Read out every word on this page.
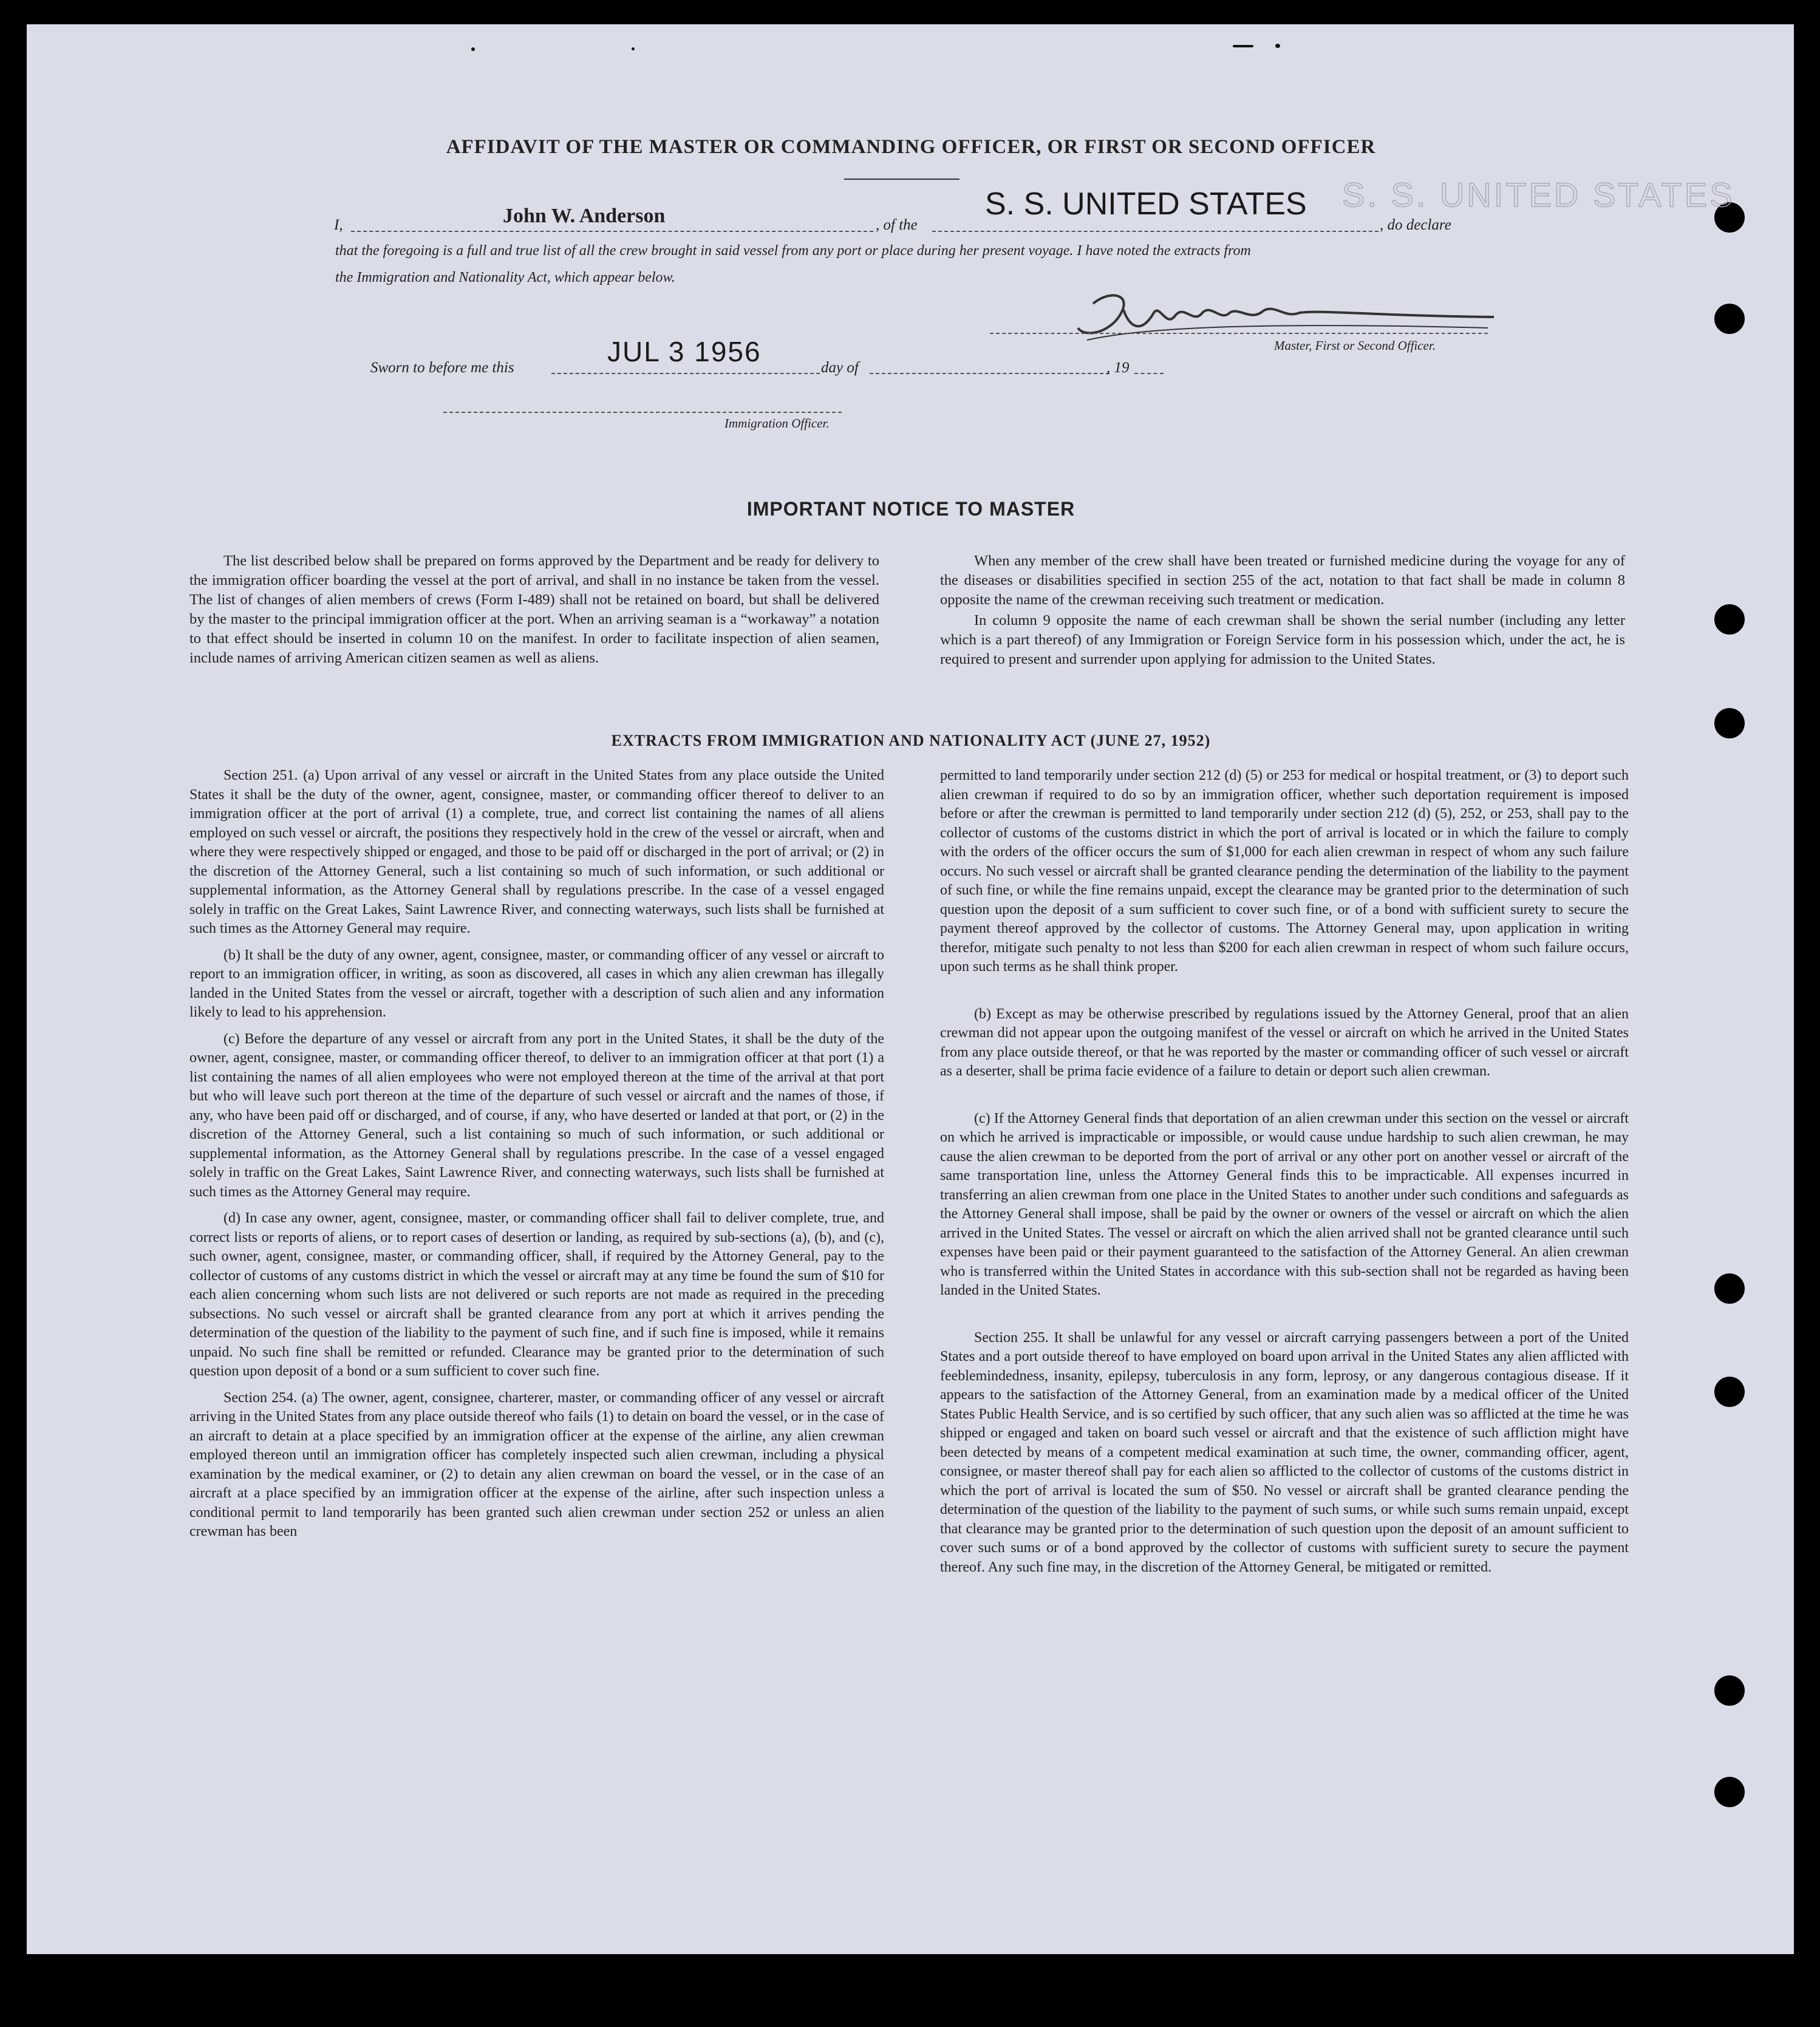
AFFIDAVIT OF THE MASTER OR COMMANDING OFFICER, OR FIRST OR SECOND OFFICER
S. S. UNITED STATES
I,	John W. Anderson	, of the
S. S. UNITED STATES
, do declare
that the foregoing is a full and true list of all the crew brought in said vessel from any port or place during her present voyage. I have noted the extracts from
the Immigration and Nationality Act, which appear below.
Master, First or Second Officer.
Sworn to before me this
JUL 3 1956
day of	, 19
Immigration Officer.
IMPORTANT NOTICE TO MASTER

The list described below shall be prepared on forms approved by the Department and be ready for delivery to the immigration officer boarding the vessel at the port of arrival, and shall in no instance be taken from the vessel. The list of changes of alien members of crews (Form I-489) shall not be retained on board, but shall be delivered by the master to the principal immigration officer at the port. When an arriving seaman is a “workaway” a notation to that effect should be inserted in column 10 on the manifest. In order to facilitate inspection of alien seamen, include names of arriving American citizen seamen as well as aliens.

When any member of the crew shall have been treated or furnished medicine during the voyage for any of the diseases or disabilities specified in section 255 of the act, notation to that fact shall be made in column 8 opposite the name of the crewman receiving such treatment or medication.

In column 9 opposite the name of each crewman shall be shown the serial number (including any letter which is a part thereof) of any Immigration or Foreign Service form in his possession which, under the act, he is required to present and surrender upon applying for admission to the United States.

EXTRACTS FROM IMMIGRATION AND NATIONALITY ACT (JUNE 27, 1952)

Section 251. (a) Upon arrival of any vessel or aircraft in the United States from any place outside the United States it shall be the duty of the owner, agent, consignee, master, or commanding officer thereof to deliver to an immigration officer at the port of arrival (1) a complete, true, and correct list containing the names of all aliens employed on such vessel or aircraft, the positions they respectively hold in the crew of the vessel or aircraft, when and where they were respectively shipped or engaged, and those to be paid off or discharged in the port of arrival; or (2) in the discretion of the Attorney General, such a list containing so much of such information, or such additional or supplemental information, as the Attorney General shall by regulations prescribe. In the case of a vessel engaged solely in traffic on the Great Lakes, Saint Lawrence River, and connecting waterways, such lists shall be furnished at such times as the Attorney General may require.

(b) It shall be the duty of any owner, agent, consignee, master, or commanding officer of any vessel or aircraft to report to an immigration officer, in writing, as soon as discovered, all cases in which any alien crewman has illegally landed in the United States from the vessel or aircraft, together with a description of such alien and any information likely to lead to his apprehension.

(c) Before the departure of any vessel or aircraft from any port in the United States, it shall be the duty of the owner, agent, consignee, master, or commanding officer thereof, to deliver to an immigration officer at that port (1) a list containing the names of all alien employees who were not employed thereon at the time of the arrival at that port but who will leave such port thereon at the time of the departure of such vessel or aircraft and the names of those, if any, who have been paid off or discharged, and of course, if any, who have deserted or landed at that port, or (2) in the discretion of the Attorney General, such a list containing so much of such information, or such additional or supplemental information, as the Attorney General shall by regulations prescribe. In the case of a vessel engaged solely in traffic on the Great Lakes, Saint Lawrence River, and connecting waterways, such lists shall be furnished at such times as the Attorney General may require.

(d) In case any owner, agent, consignee, master, or commanding officer shall fail to deliver complete, true, and correct lists or reports of aliens, or to report cases of desertion or landing, as required by sub-sections (a), (b), and (c), such owner, agent, consignee, master, or commanding officer, shall, if required by the Attorney General, pay to the collector of customs of any customs district in which the vessel or aircraft may at any time be found the sum of $10 for each alien concerning whom such lists are not delivered or such reports are not made as required in the preceding subsections. No such vessel or aircraft shall be granted clearance from any port at which it arrives pending the determination of the question of the liability to the payment of such fine, and if such fine is imposed, while it remains unpaid. No such fine shall be remitted or refunded. Clearance may be granted prior to the determination of such question upon deposit of a bond or a sum sufficient to cover such fine.

Section 254. (a) The owner, agent, consignee, charterer, master, or commanding officer of any vessel or aircraft arriving in the United States from any place outside thereof who fails (1) to detain on board the vessel, or in the case of an aircraft to detain at a place specified by an immigration officer at the expense of the airline, any alien crewman employed thereon until an immigration officer has completely inspected such alien crewman, including a physical examination by the medical examiner, or (2) to detain any alien crewman on board the vessel, or in the case of an aircraft at a place specified by an immigration officer at the expense of the airline, after such inspection unless a conditional permit to land temporarily has been granted such alien crewman under section 252 or unless an alien crewman has been

permitted to land temporarily under section 212 (d) (5) or 253 for medical or hospital treatment, or (3) to deport such alien crewman if required to do so by an immigration officer, whether such deportation requirement is imposed before or after the crewman is permitted to land temporarily under section 212 (d) (5), 252, or 253, shall pay to the collector of customs of the customs district in which the port of arrival is located or in which the failure to comply with the orders of the officer occurs the sum of $1,000 for each alien crewman in respect of whom any such failure occurs. No such vessel or aircraft shall be granted clearance pending the determination of the liability to the payment of such fine, or while the fine remains unpaid, except the clearance may be granted prior to the determination of such question upon the deposit of a sum sufficient to cover such fine, or of a bond with sufficient surety to secure the payment thereof approved by the collector of customs. The Attorney General may, upon application in writing therefor, mitigate such penalty to not less than $200 for each alien crewman in respect of whom such failure occurs, upon such terms as he shall think proper.

(b) Except as may be otherwise prescribed by regulations issued by the Attorney General, proof that an alien crewman did not appear upon the outgoing manifest of the vessel or aircraft on which he arrived in the United States from any place outside thereof, or that he was reported by the master or commanding officer of such vessel or aircraft as a deserter, shall be prima facie evidence of a failure to detain or deport such alien crewman.

(c) If the Attorney General finds that deportation of an alien crewman under this section on the vessel or aircraft on which he arrived is impracticable or impossible, or would cause undue hardship to such alien crewman, he may cause the alien crewman to be deported from the port of arrival or any other port on another vessel or aircraft of the same transportation line, unless the Attorney General finds this to be impracticable. All expenses incurred in transferring an alien crewman from one place in the United States to another under such conditions and safeguards as the Attorney General shall impose, shall be paid by the owner or owners of the vessel or aircraft on which the alien arrived in the United States. The vessel or aircraft on which the alien arrived shall not be granted clearance until such expenses have been paid or their payment guaranteed to the satisfaction of the Attorney General. An alien crewman who is transferred within the United States in accordance with this sub-section shall not be regarded as having been landed in the United States.

Section 255. It shall be unlawful for any vessel or aircraft carrying passengers between a port of the United States and a port outside thereof to have employed on board upon arrival in the United States any alien afflicted with feeblemindedness, insanity, epilepsy, tuberculosis in any form, leprosy, or any dangerous contagious disease. If it appears to the satisfaction of the Attorney General, from an examination made by a medical officer of the United States Public Health Service, and is so certified by such officer, that any such alien was so afflicted at the time he was shipped or engaged and taken on board such vessel or aircraft and that the existence of such affliction might have been detected by means of a competent medical examination at such time, the owner, commanding officer, agent, consignee, or master thereof shall pay for each alien so afflicted to the collector of customs of the customs district in which the port of arrival is located the sum of $50. No vessel or aircraft shall be granted clearance pending the determination of the question of the liability to the payment of such sums, or while such sums remain unpaid, except that clearance may be granted prior to the determination of such question upon the deposit of an amount sufficient to cover such sums or of a bond approved by the collector of customs with sufficient surety to secure the payment thereof. Any such fine may, in the discretion of the Attorney General, be mitigated or remitted.
